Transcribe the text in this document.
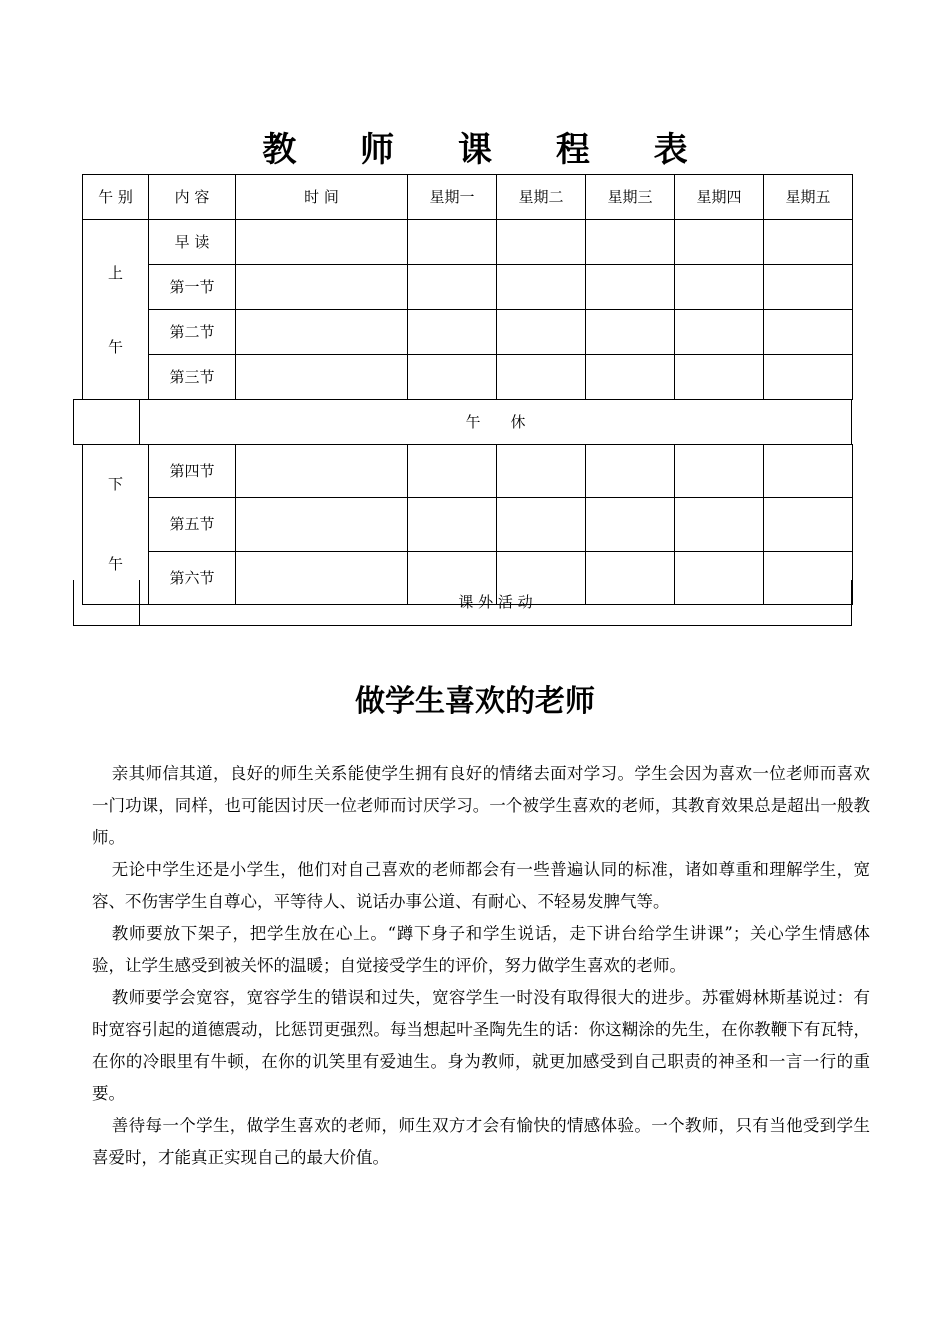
教 师 课 程 表
午 别	内 容	时 间	星期一	星期二	星期三	星期四	星期五

上
午	早 读						
	第一节						
	第二节						
	第三节						
	午　　休
下
午	第四节						
	第五节						
	第六节						
	课 外 活 动
做学生喜欢的老师

亲其师信其道，良好的师生关系能使学生拥有良好的情绪去面对学习。学生会因为喜欢一位老师而喜欢一门功课，同样，也可能因讨厌一位老师而讨厌学习。一个被学生喜欢的老师，其教育效果总是超出一般教师。

无论中学生还是小学生，他们对自己喜欢的老师都会有一些普遍认同的标准，诸如尊重和理解学生，宽容、不伤害学生自尊心，平等待人、说话办事公道、有耐心、不轻易发脾气等。

教师要放下架子，把学生放在心上。“蹲下身子和学生说话，走下讲台给学生讲课”；关心学生情感体验，让学生感受到被关怀的温暖；自觉接受学生的评价，努力做学生喜欢的老师。

教师要学会宽容，宽容学生的错误和过失，宽容学生一时没有取得很大的进步。苏霍姆林斯基说过：有时宽容引起的道德震动，比惩罚更强烈。每当想起叶圣陶先生的话：你这糊涂的先生，在你教鞭下有瓦特，在你的冷眼里有牛顿，在你的讥笑里有爱迪生。身为教师，就更加感受到自己职责的神圣和一言一行的重要。

善待每一个学生，做学生喜欢的老师，师生双方才会有愉快的情感体验。一个教师，只有当他受到学生喜爱时，才能真正实现自己的最大价值。
